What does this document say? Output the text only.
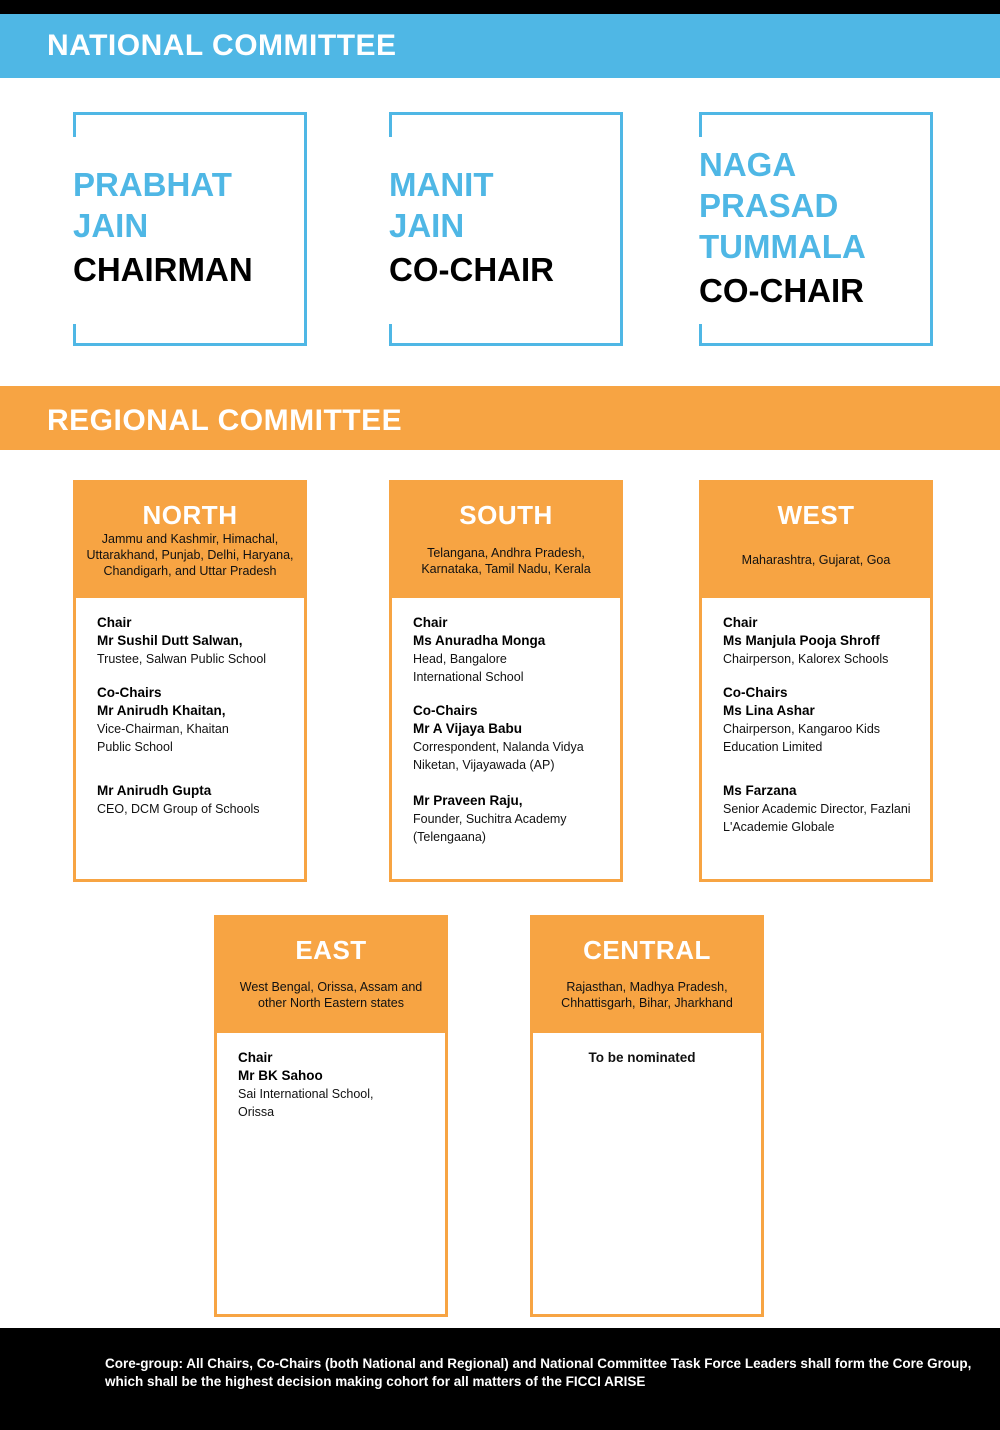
NATIONAL COMMITTEE
PRABHAT
JAIN
CHAIRMAN
MANIT
JAIN
CO-CHAIR
NAGA
PRASAD
TUMMALA
CO-CHAIR
REGIONAL COMMITTEE
NORTH
Jammu and Kashmir, Himachal, Uttarakhand, Punjab, Delhi, Haryana, Chandigarh, and Uttar Pradesh
Chair
Mr Sushil Dutt Salwan,
Trustee, Salwan Public School
Co-Chairs
Mr Anirudh Khaitan,
Vice-Chairman, Khaitan Public School
Mr Anirudh Gupta
CEO, DCM Group of Schools
SOUTH
Telangana, Andhra Pradesh, Karnataka, Tamil Nadu, Kerala
Chair
Ms Anuradha Monga
Head, Bangalore International School
Co-Chairs
Mr A Vijaya Babu
Correspondent, Nalanda Vidya Niketan, Vijayawada (AP)
Mr Praveen Raju,
Founder, Suchitra Academy (Telengaana)
WEST
Maharashtra, Gujarat, Goa
Chair
Ms Manjula Pooja Shroff
Chairperson, Kalorex Schools
Co-Chairs
Ms Lina Ashar
Chairperson, Kangaroo Kids Education Limited
Ms Farzana
Senior Academic Director, Fazlani L'Academie Globale
EAST
West Bengal, Orissa, Assam and other North Eastern states
Chair
Mr BK Sahoo
Sai International School, Orissa
CENTRAL
Rajasthan, Madhya Pradesh, Chhattisgarh, Bihar, Jharkhand
To be nominated
Core-group: All Chairs, Co-Chairs (both National and Regional) and National Committee Task Force Leaders shall form the Core Group, which shall be the highest decision making cohort for all matters of the FICCI ARISE
